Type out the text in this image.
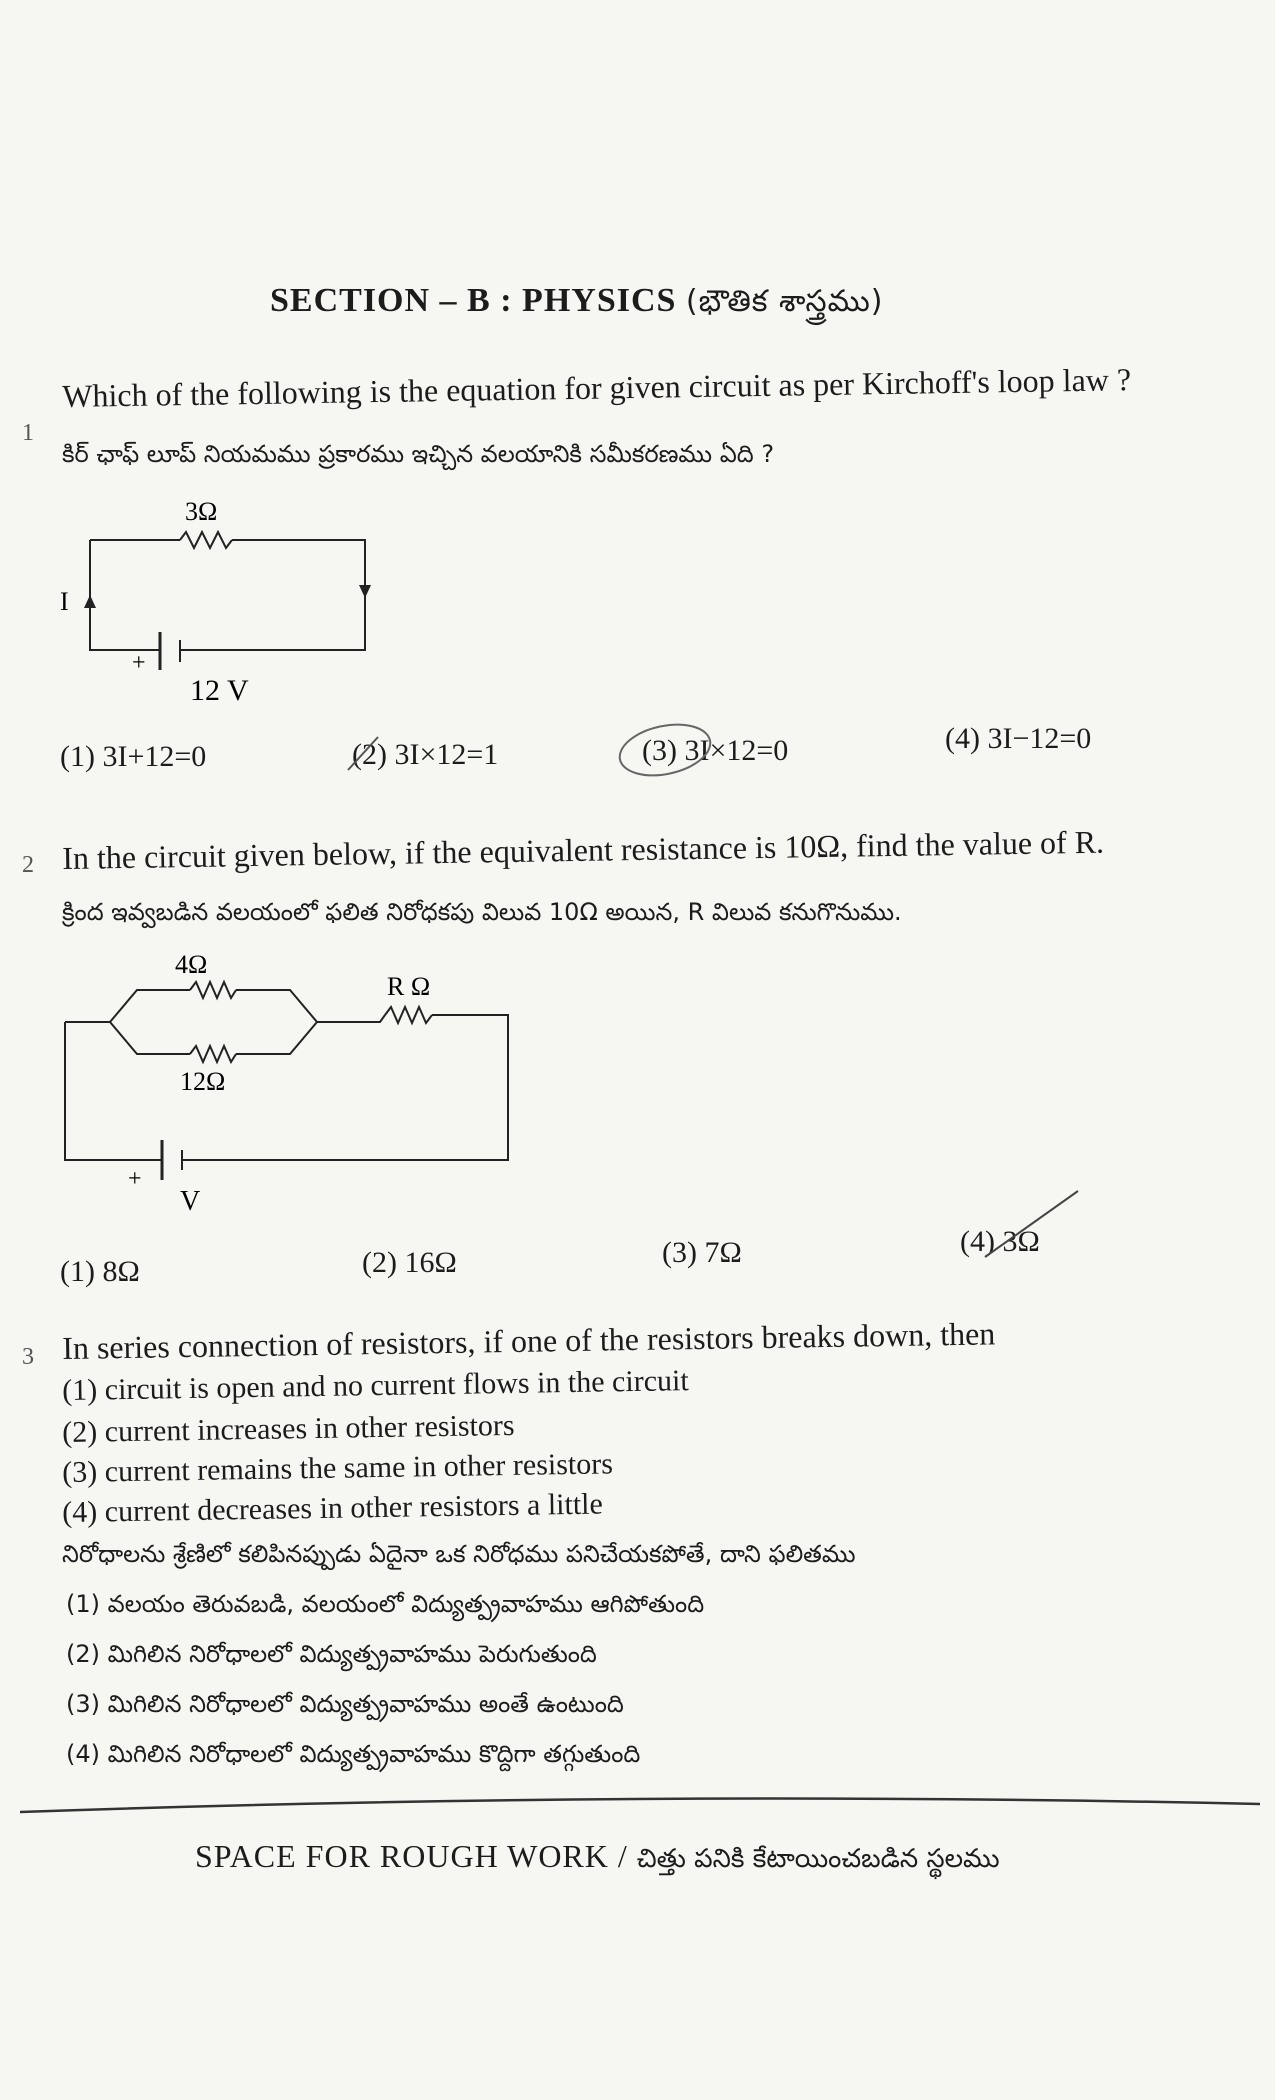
SECTION – B : PHYSICS (భౌతిక శాస్త్రము)
1
Which of the following is the equation for given circuit as per Kirchoff's loop law ?
కిర్ ఛాఫ్ లూప్ నియమము ప్రకారము ఇచ్చిన వలయానికి సమీకరణము ఏది ?
3Ω
I
+
12 V
(1) 3I+12=0	(2) 3I×12=1	(3) 3I×12=0	(4) 3I−12=0
2 In the circuit given below, if the equivalent resistance is 10Ω, find the value of R.
క్రింద ఇవ్వబడిన వలయంలో ఫలిత నిరోధకపు విలువ 10Ω అయిన, R విలువ కనుగొనుము.
4Ω
12Ω
R Ω
+
V
(1) 8Ω	(2) 16Ω	(3) 7Ω	(4) 3Ω
3 In series connection of resistors, if one of the resistors breaks down, then
(1) circuit is open and no current flows in the circuit
(2) current increases in other resistors
(3) current remains the same in other resistors
(4) current decreases in other resistors a little
నిరోధాలను శ్రేణిలో కలిపినప్పుడు ఏదైనా ఒక నిరోధము పనిచేయకపోతే, దాని ఫలితము
(1) వలయం తెరువబడి, వలయంలో విద్యుత్ప్రవాహము ఆగిపోతుంది
(2) మిగిలిన నిరోధాలలో విద్యుత్ప్రవాహము పెరుగుతుంది
(3) మిగిలిన నిరోధాలలో విద్యుత్ప్రవాహము అంతే ఉంటుంది
(4) మిగిలిన నిరోధాలలో విద్యుత్ప్రవాహము కొద్దిగా తగ్గుతుంది
SPACE FOR ROUGH WORK / చిత్తు పనికి కేటాయించబడిన స్థలము
